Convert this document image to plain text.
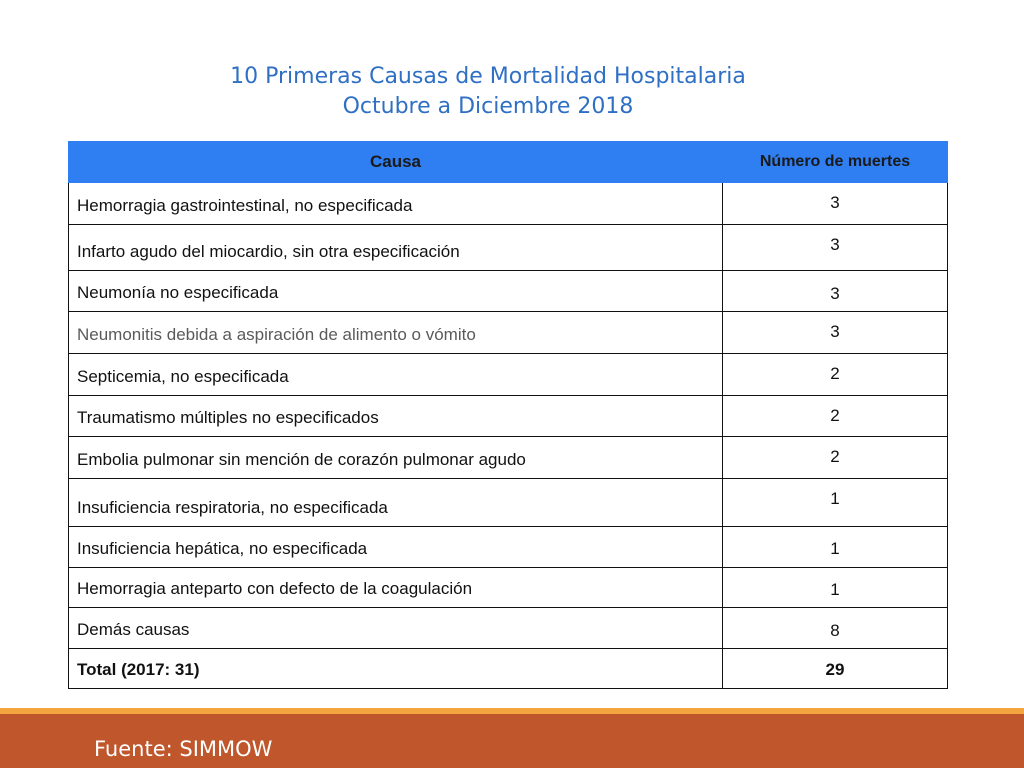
10 Primeras Causas de Mortalidad Hospitalaria
Octubre a Diciembre 2018
Causa	Número de muertes
Hemorragia gastrointestinal, no especificada	3
Infarto agudo del miocardio, sin otra especificación	3
Neumonía no especificada	3
Neumonitis debida a aspiración de alimento o vómito	3
Septicemia, no especificada	2
Traumatismo múltiples no especificados	2
Embolia pulmonar sin mención de corazón pulmonar agudo	2
Insuficiencia respiratoria, no especificada	1
Insuficiencia hepática, no especificada	1
Hemorragia anteparto con defecto de la coagulación	1
Demás causas	8
Total (2017: 31)	29
Fuente: SIMMOW
